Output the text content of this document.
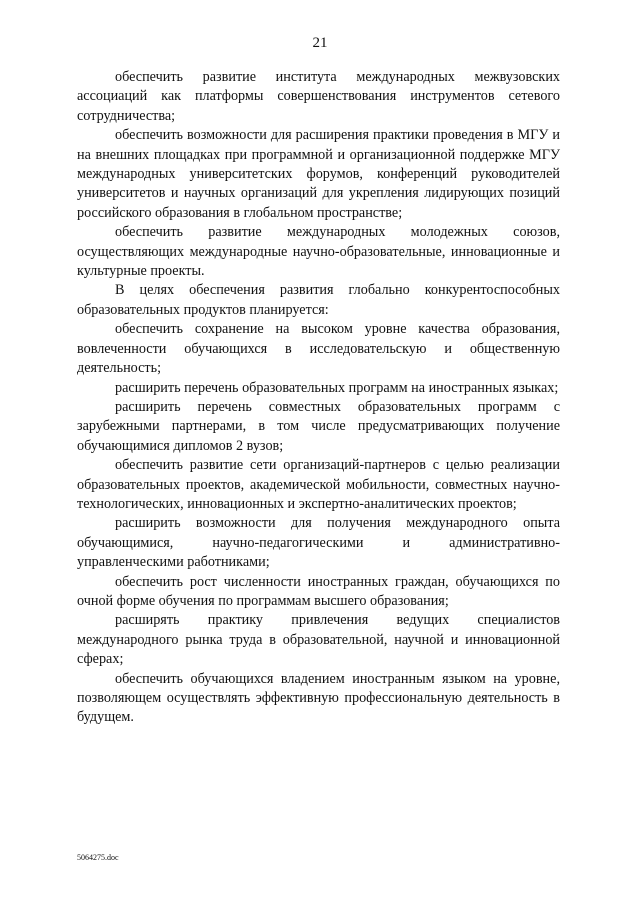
21

обеспечить развитие института международных межвузовских ассоциаций как платформы совершенствования инструментов сетевого сотрудничества;

обеспечить возможности для расширения практики проведения в МГУ и на внешних площадках при программной и организационной поддержке МГУ международных университетских форумов, конференций руководителей университетов и научных организаций для укрепления лидирующих позиций российского образования в глобальном пространстве;

обеспечить развитие международных молодежных союзов, осуществляющих международные научно-образовательные, инновационные и культурные проекты.

В целях обеспечения развития глобально конкурентоспособных образовательных продуктов планируется:

обеспечить сохранение на высоком уровне качества образования, вовлеченности обучающихся в исследовательскую и общественную деятельность;

расширить перечень образовательных программ на иностранных языках;

расширить перечень совместных образовательных программ с зарубежными партнерами, в том числе предусматривающих получение обучающимися дипломов 2 вузов;

обеспечить развитие сети организаций-партнеров с целью реализации образовательных проектов, академической мобильности, совместных научно-технологических, инновационных и экспертно-аналитических проектов;

расширить возможности для получения международного опыта обучающимися, научно-педагогическими и административно-управленческими работниками;

обеспечить рост численности иностранных граждан, обучающихся по очной форме обучения по программам высшего образования;

расширять практику привлечения ведущих специалистов международного рынка труда в образовательной, научной и инновационной сферах;

обеспечить обучающихся владением иностранным языком на уровне, позволяющем осуществлять эффективную профессиональную деятельность в будущем.

5064275.doc
